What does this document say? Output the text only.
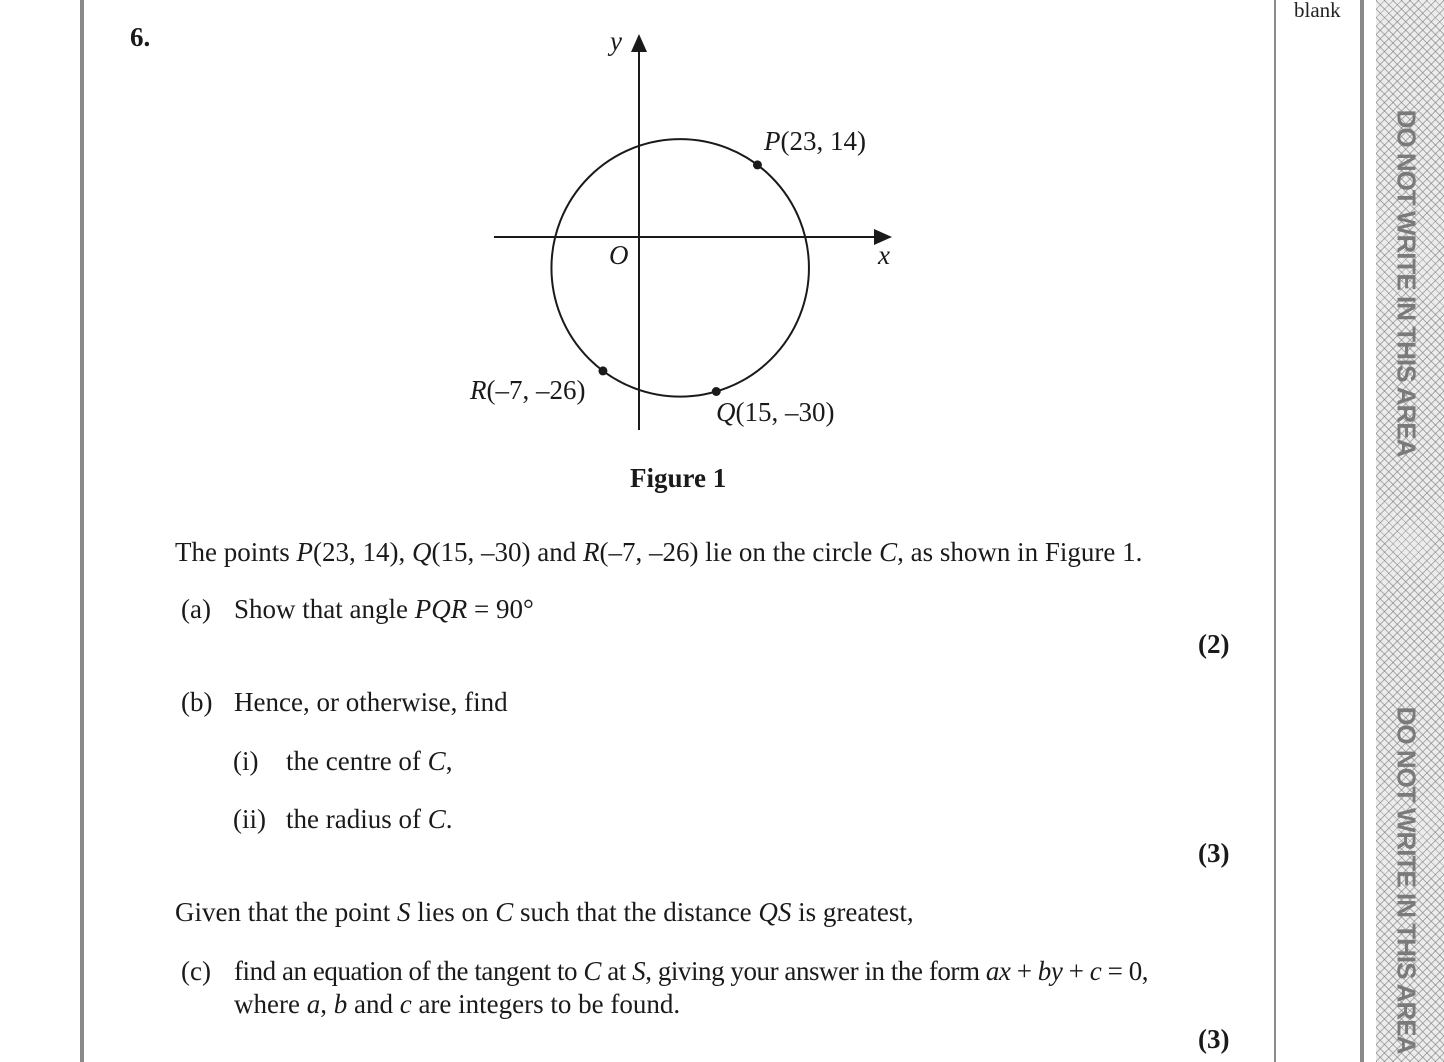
DO NOT WRITE IN THIS AREA
DO NOT WRITE IN THIS AREA
blank
6.	y
x
O
P(23, 14)
Q(15, –30)
R(–7, –26)
Figure 1
The points P(23, 14), Q(15, –30) and R(–7, –26) lie on the circle C, as shown in Figure 1.
(a) Show that angle PQR = 90°
(2)
(b) Hence, or otherwise, find
(i) the centre of C,
(ii) the radius of C.
(3)
Given that the point S lies on C such that the distance QS is greatest,
(c) find an equation of the tangent to C at S, giving your answer in the form ax + by + c = 0,
where a, b and c are integers to be found.
(3)
